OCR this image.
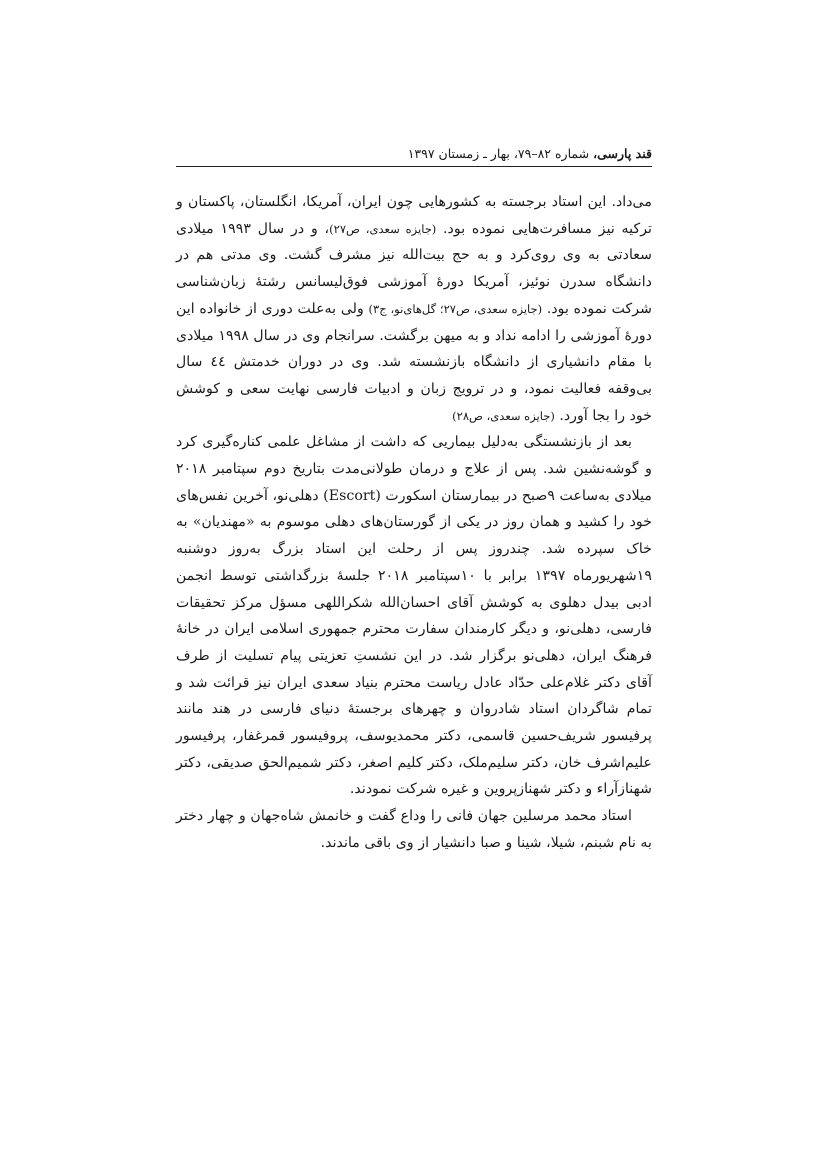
قند پارسی، شماره ۸۲–۷۹، بهار ـ زمستان ۱۳۹۷

می‌داد. این استاد برجسته به کشورهایی چون ایران، آمریکا، انگلستان، پاکستان و ترکیه نیز مسافرت‌هایی نموده بود. (جایزه سعدی، ص۲۷)، و در سال ۱۹۹۳ میلادی سعادتی به وی روی‌کرد و به حج بیت‌الله نیز مشرف گشت. وی مدتی هم در دانشگاه سدرن نوئیز، آمریکا دورهٔ آموزشی فوق‌لیسانس رشتهٔ زبان‌شناسی شرکت نموده بود. (جایزه سعدی، ص۲۷؛ گل‌های‌نو، ج۳) ولی به‌علت دوری از خانواده این دورهٔ آموزشی را ادامه نداد و به میهن برگشت. سرانجام وی در سال ۱۹۹۸ میلادی با مقام دانشیاری از دانشگاه بازنشسته شد. وی در دوران خدمتش ٤٤ سال بی‌وقفه فعالیت نمود، و در ترویج زبان و ادبیات فارسی نهایت سعی و کوشش خود را بجا آورد. (جایزه سعدی، ص۲۸)

بعد از بازنشستگی به‌دلیل بیماریی که داشت از مشاغل علمی کناره‌گیری کرد و گوشه‌نشین شد. پس از علاج و درمان طولانی‌مدت بتاریخ دوم سپتامبر ۲۰۱۸ میلادی به‌ساعت ۹صبح در بیمارستان اسکورت (Escort) دهلی‌نو، آخرین نفس‌های خود را کشید و همان روز در یکی از گورستان‌های دهلی موسوم به «مهندیان» به خاک سپرده شد. چندروز پس از رحلت این استاد بزرگ به‌روز دوشنبه ۱۹شهریورماه ۱۳۹۷ برابر با ۱۰سپتامبر ۲۰۱۸ جلسهٔ بزرگداشتی توسط انجمن ادبی بیدل دهلوی به کوشش آقای احسان‌الله شکراللهی مسؤل مرکز تحقیقات فارسی، دهلی‌نو، و دیگر کارمندان سفارت محترم جمهوری اسلامی ایران در خانهٔ فرهنگ ایران، دهلی‌نو برگزار شد. در این نشستِ تعزیتی پیام تسلیت از طرف آقای دکتر غلام‌علی حدّاد عادل ریاست محترم بنیاد سعدی ایران نیز قرائت شد و تمام شاگردان استاد شادروان و چهرهای برجستهٔ دنیای فارسی در هند مانند پرفیسور شریف‌حسین قاسمی، دکتر محمدیوسف، پروفیسور قمرغفار، پرفیسور علیم‌اشرف خان، دکتر سلیم‌ملک، دکتر کلیم اصغر، دکتر شمیم‌الحق صدیقی، دکتر شهنازآراء و دکتر شهنازپروین و غیره شرکت نمودند.

استاد محمد مرسلین جهان فانی را وداع گفت و خانمش شاه‌جهان و چهار دختر به نام شبنم، شیلا، شینا و صبا دانشیار از وی باقی ماندند.
